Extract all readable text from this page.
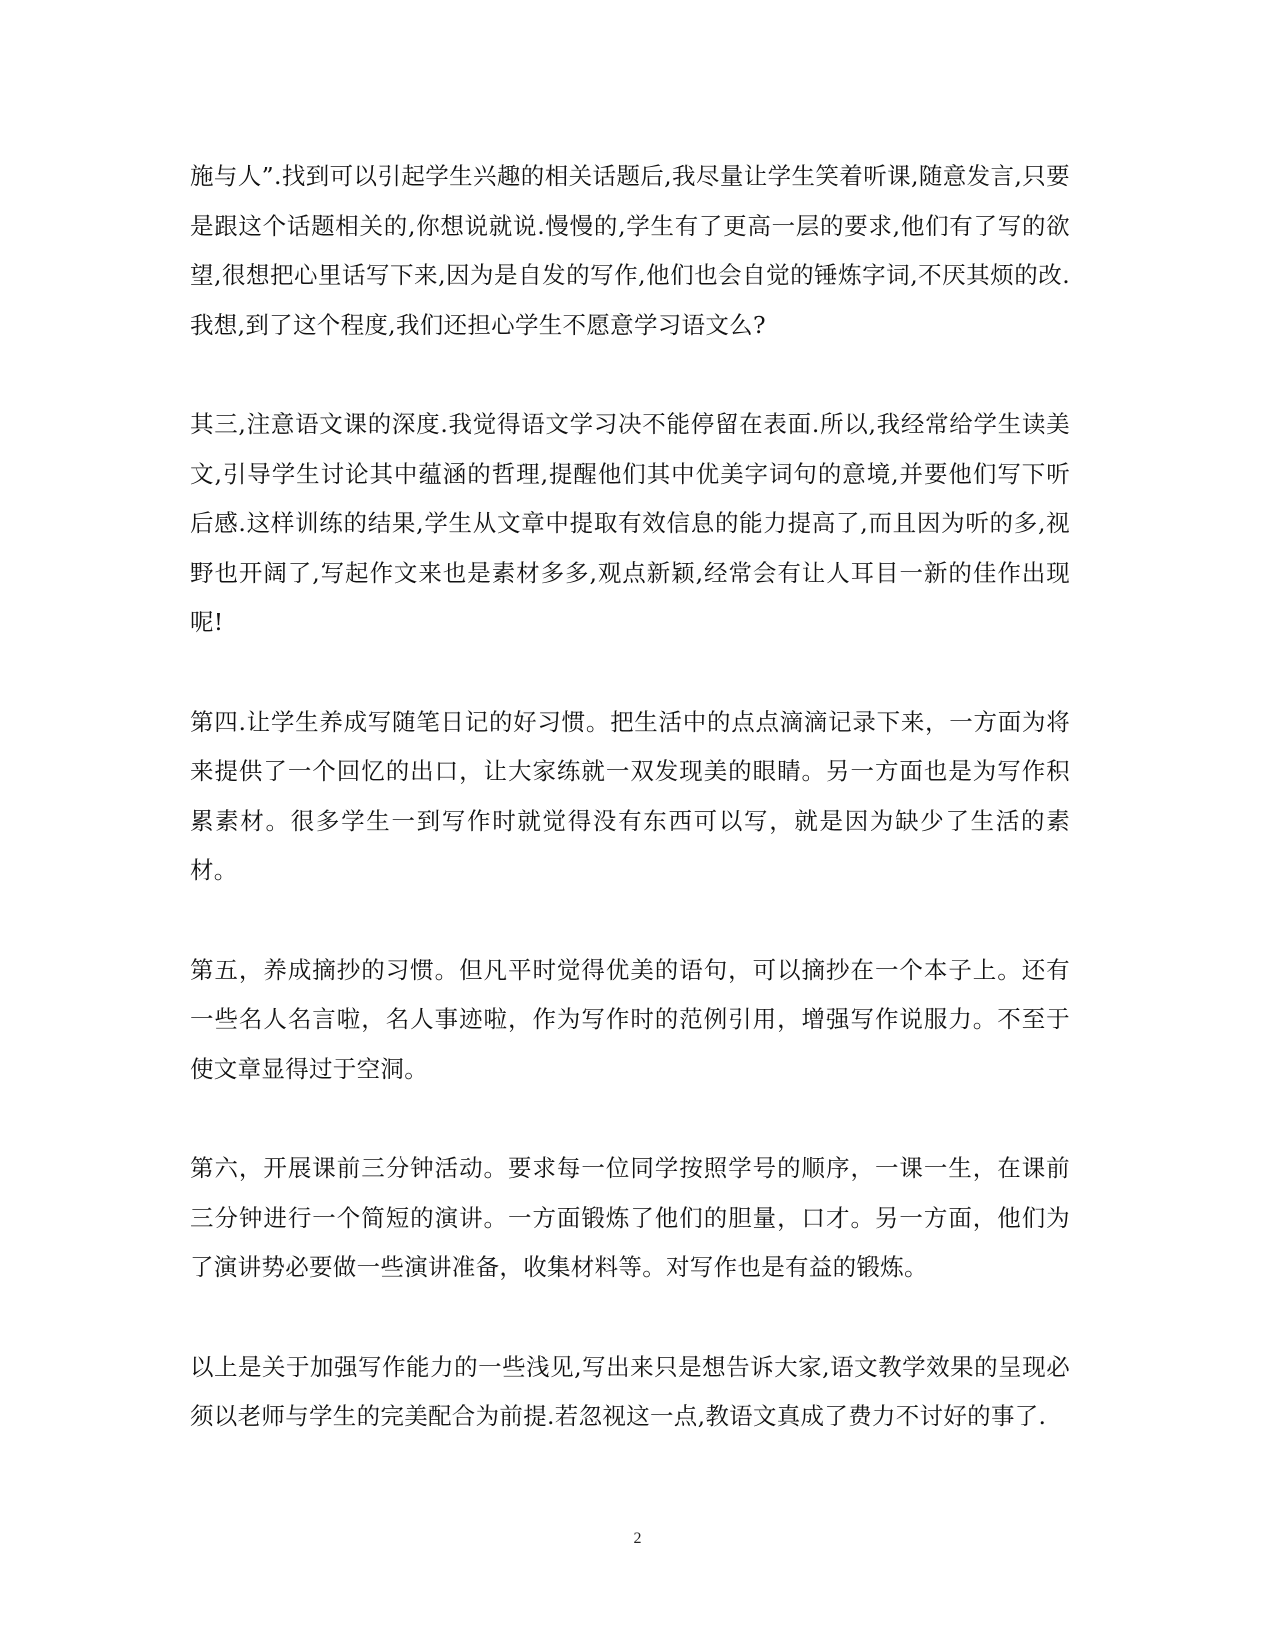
施与人”.找到可以引起学生兴趣的相关话题后,我尽量让学生笑着听课,随意发言,只要是跟这个话题相关的,你想说就说.慢慢的,学生有了更高一层的要求,他们有了写的欲望,很想把心里话写下来,因为是自发的写作,他们也会自觉的锤炼字词,不厌其烦的改.我想,到了这个程度,我们还担心学生不愿意学习语文么?

其三,注意语文课的深度.我觉得语文学习决不能停留在表面.所以,我经常给学生读美文,引导学生讨论其中蕴涵的哲理,提醒他们其中优美字词句的意境,并要他们写下听后感.这样训练的结果,学生从文章中提取有效信息的能力提高了,而且因为听的多,视野也开阔了,写起作文来也是素材多多,观点新颖,经常会有让人耳目一新的佳作出现呢!

第四.让学生养成写随笔日记的好习惯。把生活中的点点滴滴记录下来，一方面为将来提供了一个回忆的出口，让大家练就一双发现美的眼睛。另一方面也是为写作积累素材。很多学生一到写作时就觉得没有东西可以写，就是因为缺少了生活的素材。

第五，养成摘抄的习惯。但凡平时觉得优美的语句，可以摘抄在一个本子上。还有一些名人名言啦，名人事迹啦，作为写作时的范例引用，增强写作说服力。不至于使文章显得过于空洞。

第六，开展课前三分钟活动。要求每一位同学按照学号的顺序，一课一生，在课前三分钟进行一个简短的演讲。一方面锻炼了他们的胆量，口才。另一方面，他们为了演讲势必要做一些演讲准备，收集材料等。对写作也是有益的锻炼。

以上是关于加强写作能力的一些浅见,写出来只是想告诉大家,语文教学效果的呈现必须以老师与学生的完美配合为前提.若忽视这一点,教语文真成了费力不讨好的事了.

2
